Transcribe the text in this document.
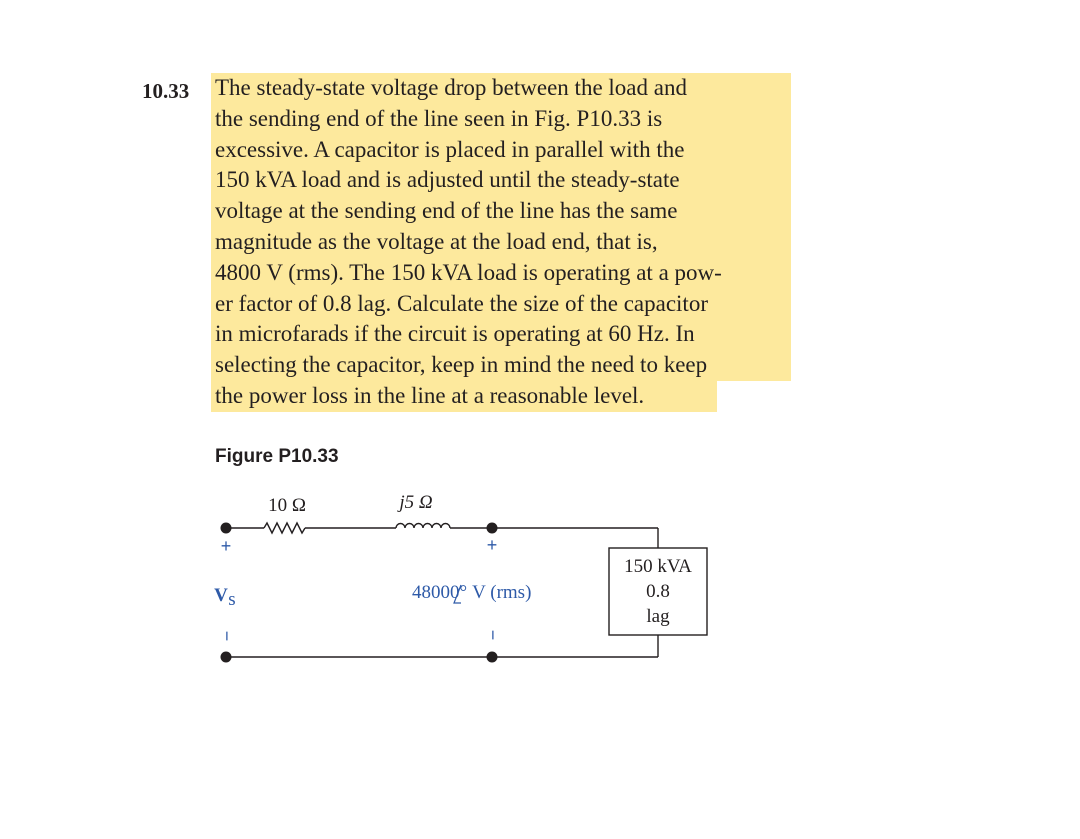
10.33 The steady-state voltage drop between the load and
the sending end of the line seen in Fig. P10.33 is
excessive. A capacitor is placed in parallel with the
150 kVA load and is adjusted until the steady-state
voltage at the sending end of the line has the same
magnitude as the voltage at the load end, that is,
4800 V (rms). The 150 kVA load is operating at a pow-
er factor of 0.8 lag. Calculate the size of the capacitor
in microfarads if the circuit is operating at 60 Hz. In
selecting the capacitor, keep in mind the need to keep
the power loss in the line at a reasonable level.
Figure P10.33
10 Ω	j5 Ω
+
V s
−
+
−
48000° V (rms)
150 kVA
0.8
lag
